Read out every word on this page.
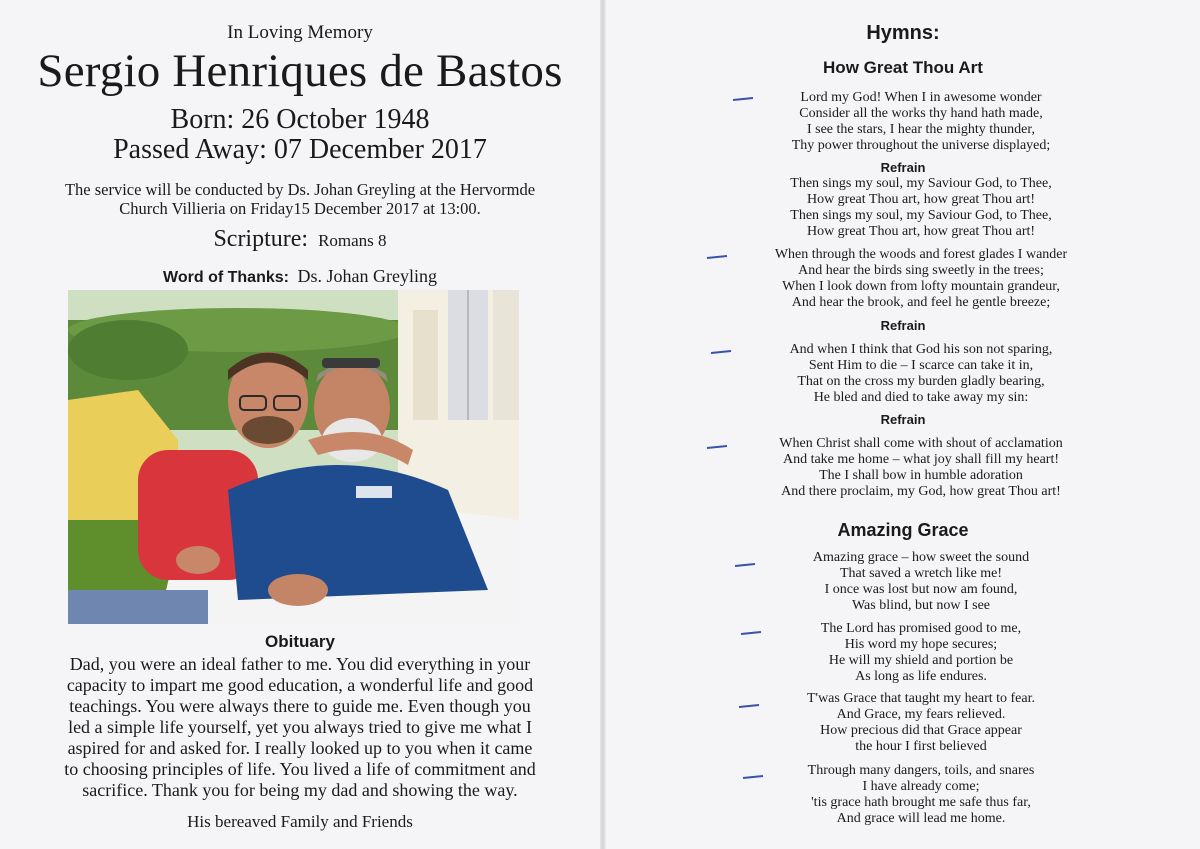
In Loving Memory
Sergio Henriques de Bastos
Born: 26 October 1948
Passed Away: 07 December 2017
The service will be conducted by Ds. Johan Greyling at the Hervormde
Church Villieria on Friday15 December 2017 at 13:00.
Scripture: Romans 8
Word of Thanks: Ds. Johan Greyling
Obituary
Dad, you were an ideal father to me. You did everything in your
capacity to impart me good education, a wonderful life and good
teachings. You were always there to guide me. Even though you
led a simple life yourself, yet you always tried to give me what I
aspired for and asked for. I really looked up to you when it came
to choosing principles of life. You lived a life of commitment and
sacrifice. Thank you for being my dad and showing the way.
His bereaved Family and Friends
Hymns:
How Great Thou Art
Lord my God! When I in awesome wonder
Consider all the works thy hand hath made,
I see the stars, I hear the mighty thunder,
Thy power throughout the universe displayed;
Refrain
Then sings my soul, my Saviour God, to Thee,
How great Thou art, how great Thou art!
Then sings my soul, my Saviour God, to Thee,
How great Thou art, how great Thou art!
When through the woods and forest glades I wander
And hear the birds sing sweetly in the trees;
When I look down from lofty mountain grandeur,
And hear the brook, and feel he gentle breeze;
Refrain
And when I think that God his son not sparing,
Sent Him to die – I scarce can take it in,
That on the cross my burden gladly bearing,
He bled and died to take away my sin:
Refrain
When Christ shall come with shout of acclamation
And take me home – what joy shall fill my heart!
The I shall bow in humble adoration
And there proclaim, my God, how great Thou art!
Amazing Grace
Amazing grace – how sweet the sound
That saved a wretch like me!
I once was lost but now am found,
Was blind, but now I see
The Lord has promised good to me,
His word my hope secures;
He will my shield and portion be
As long as life endures.
T'was Grace that taught my heart to fear.
And Grace, my fears relieved.
How precious did that Grace appear
the hour I first believed
Through many dangers, toils, and snares
I have already come;
'tis grace hath brought me safe thus far,
And grace will lead me home.
